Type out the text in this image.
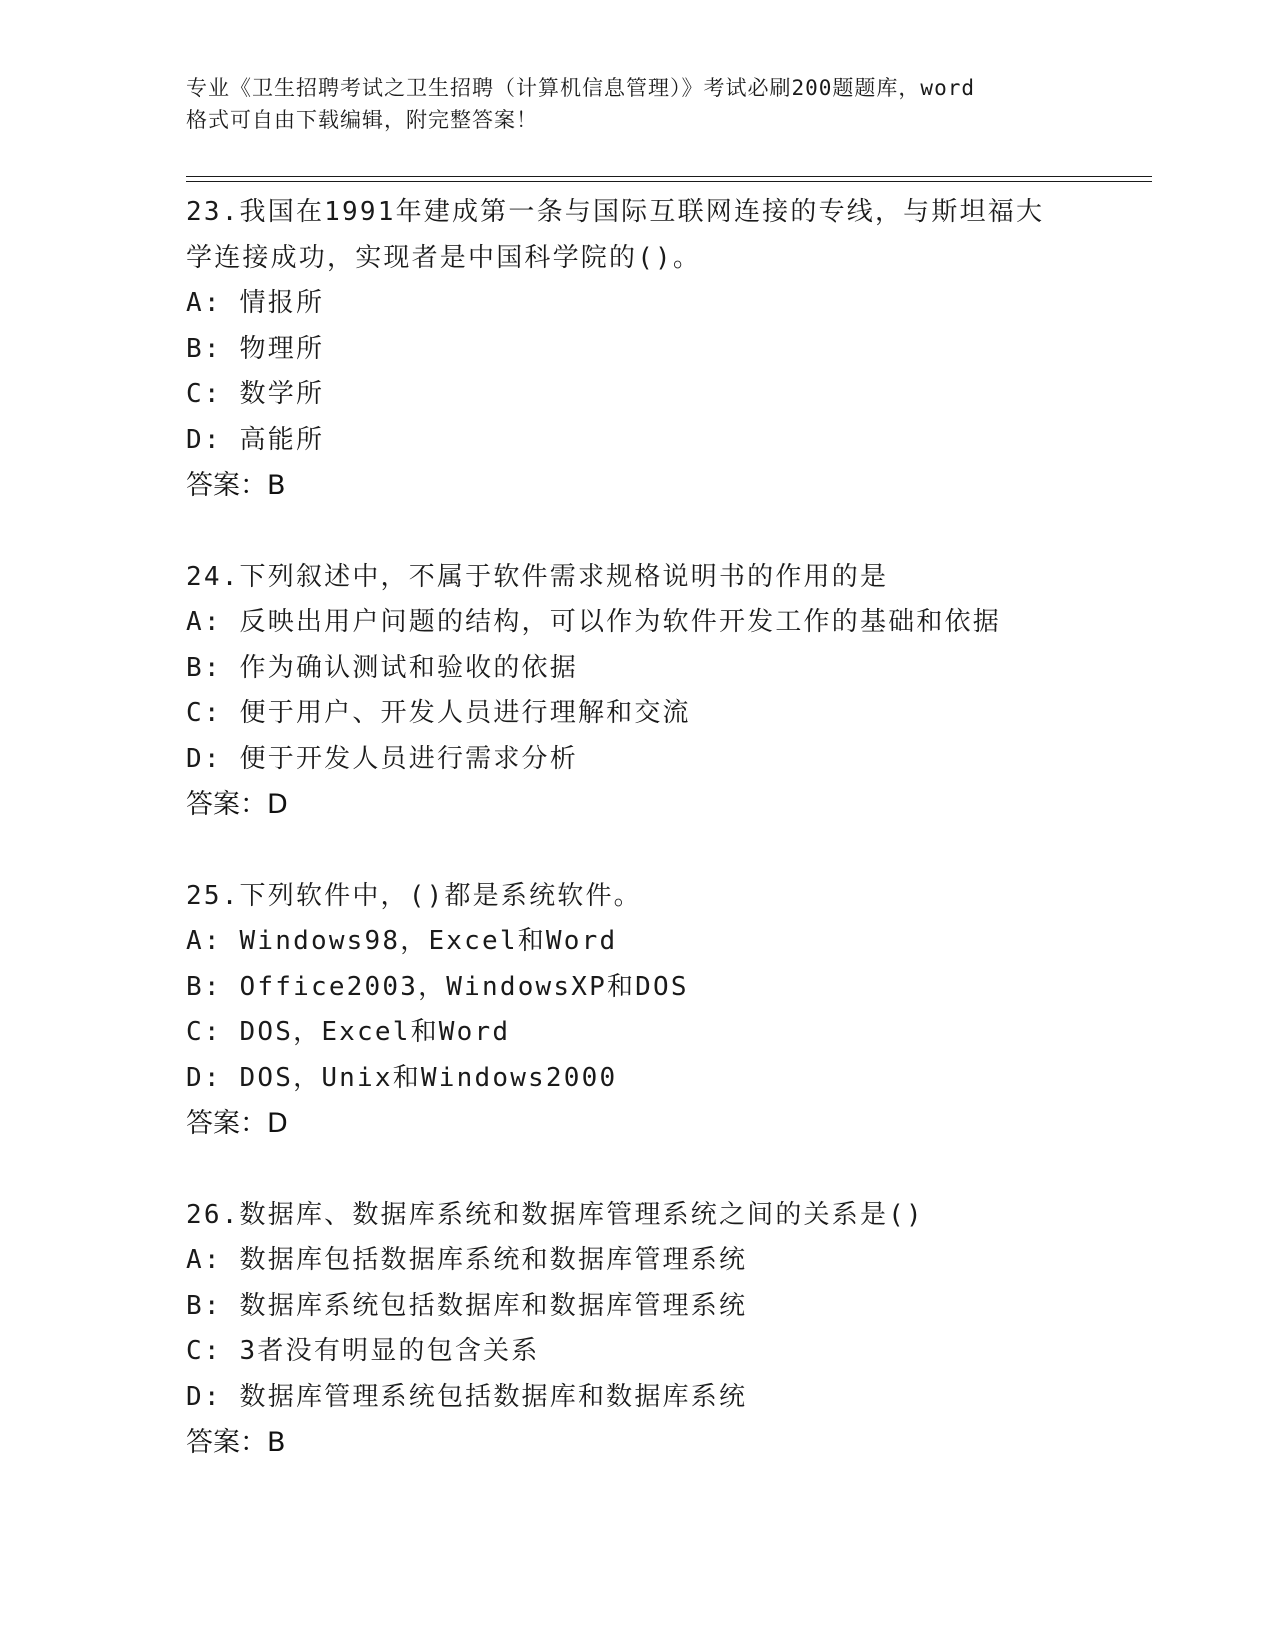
专业《卫生招聘考试之卫生招聘（计算机信息管理）》考试必刷200题题库，word
格式可自由下载编辑，附完整答案！
23.我国在1991年建成第一条与国际互联网连接的专线，与斯坦福大
学连接成功，实现者是中国科学院的()。
A: 情报所
B: 物理所
C: 数学所
D: 高能所
答案：B
24.下列叙述中，不属于软件需求规格说明书的作用的是
A: 反映出用户问题的结构，可以作为软件开发工作的基础和依据
B: 作为确认测试和验收的依据
C: 便于用户、开发人员进行理解和交流
D: 便于开发人员进行需求分析
答案：D
25.下列软件中，()都是系统软件。
A: Windows98，Excel和Word
B: Office2003，WindowsXP和DOS
C: DOS，Excel和Word
D: DOS，Unix和Windows2000
答案：D
26.数据库、数据库系统和数据库管理系统之间的关系是()
A: 数据库包括数据库系统和数据库管理系统
B: 数据库系统包括数据库和数据库管理系统
C: 3者没有明显的包含关系
D: 数据库管理系统包括数据库和数据库系统
答案：B
